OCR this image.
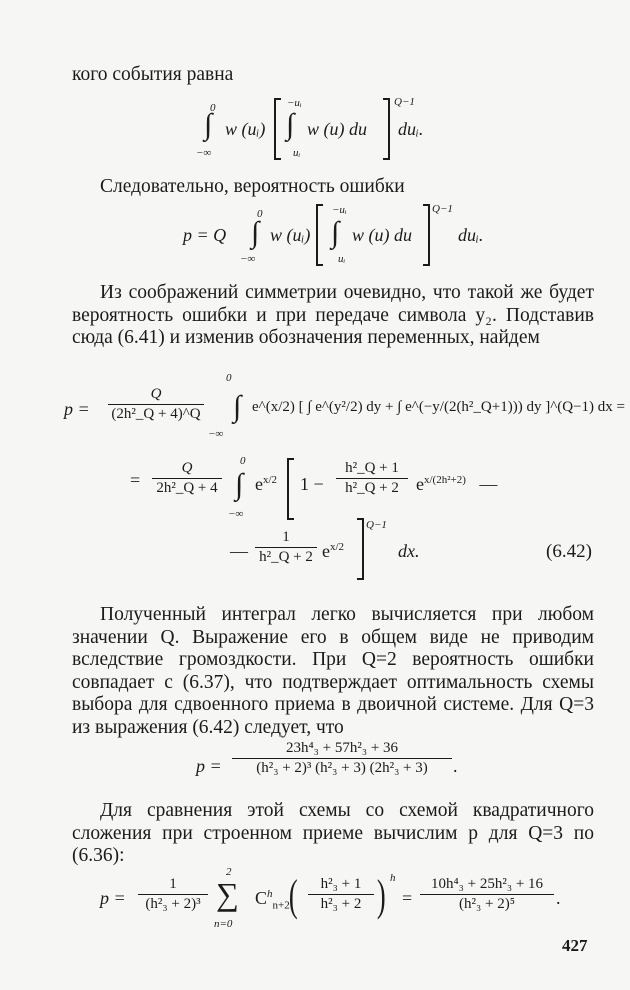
кого события равна
∫
0
−∞
w (uᵢ) ∫
−uᵢ
uᵢ
w (u) du
Q−1
duᵢ.
Следовательно, вероятность ошибки
p = Q ∫
0
−∞
w (uᵢ) ∫
−uᵢ
uᵢ
w (u) du
Q−1
duᵢ.
Из соображений симметрии очевидно, что такой же будет вероятность ошибки и при передаче символа y₂. Подставив сюда (6.41) и изменив обозначения переменных, найдем
$p = \frac{Q}{\text{(2h²\_Q + 4)\textasciicircum{}Q}}$ ∫
0
−∞
e^(x/2) [ ∫ e^(y²/2) dy + ∫ e^(−y/(2(h²_Q+1))) dy ]^(Q−1) dx =
$\frac{Q}{\text{2h²\_Q + 4}}$
=	∫
0
−∞
$e^{x/2}$ $1 - \frac{\text{h²\_Q + 1}}{\text{h²\_Q + 2}} e^{x/(2h^2+2)}$   —
— $\frac{1}{\text{h²\_Q + 2}} e^{x/2}$
Q−1
dx.	(6.42)
Полученный интеграл легко вычисляется при любом значении Q. Выражение его в общем виде не приводим вследствие громоздкости. При Q=2 вероятность ошибки совпадает с (6.37), что подтверждает оптимальность схемы выбора для сдвоенного приема в двоичной системе. Для Q=3 из выражения (6.42) следует, что
$p = \frac{\text{23h⁴₃ + 57h²₃ + 36}}{\text{(h²₃ + 2)³ (h²₃ + 3) (2h²₃ + 3)}}$ .
Для сравнения этой схемы со схемой квадратичного сложения при строенном приеме вычислим p для Q=3 по (6.36):
$p = \frac{1}{\text{(h²₃ + 2)³}}$
2
∑
n=0
$C^h_{n+2}$ ( $\frac{\text{h²₃ + 1}}{\text{h²₃ + 2}}$ ) h
= $\frac{\text{10h⁴₃ + 25h²₃ + 16}}{\text{(h²₃ + 2)⁵}}$ .
427
